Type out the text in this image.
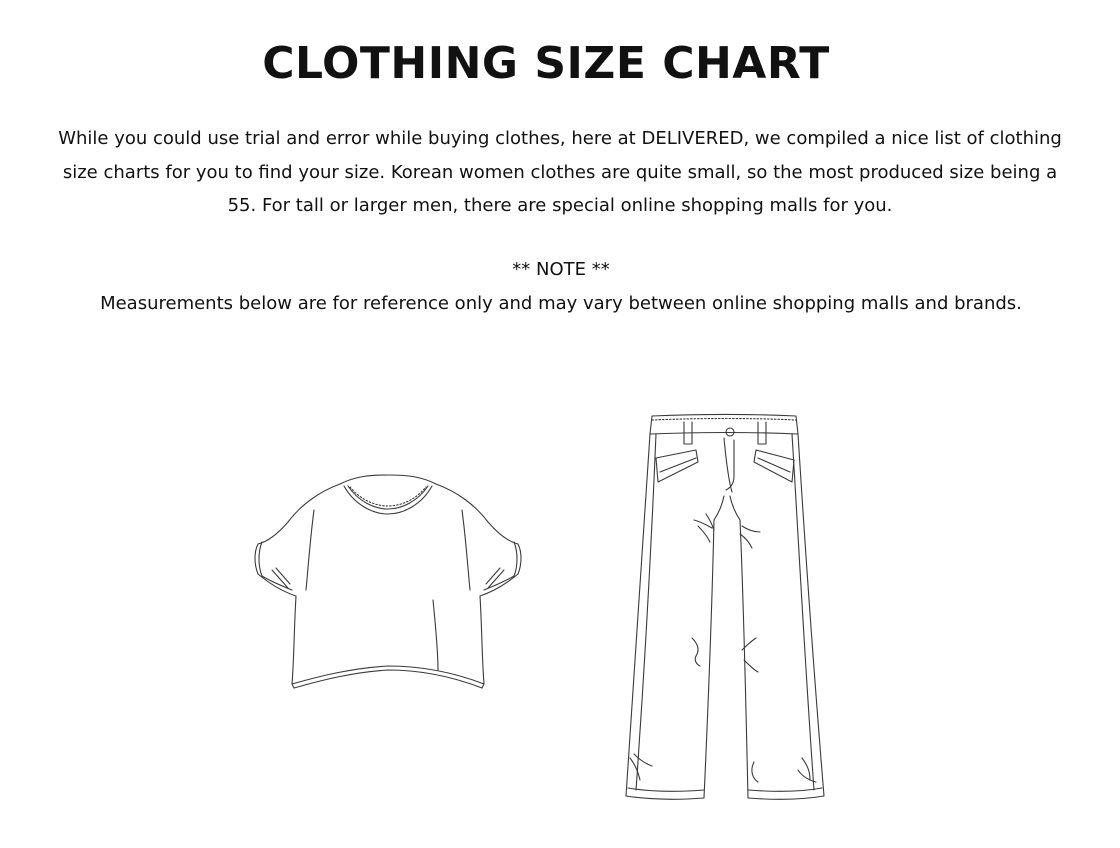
CLOTHING SIZE CHART

While you could use trial and error while buying clothes, here at DELIVERED, we compiled a nice list of clothing size charts for you to find your size. Korean women clothes are quite small, so the most produced size being a 55. For tall or larger men, there are special online shopping malls for you.

** NOTE **

Measurements below are for reference only and may vary between online shopping malls and brands.
